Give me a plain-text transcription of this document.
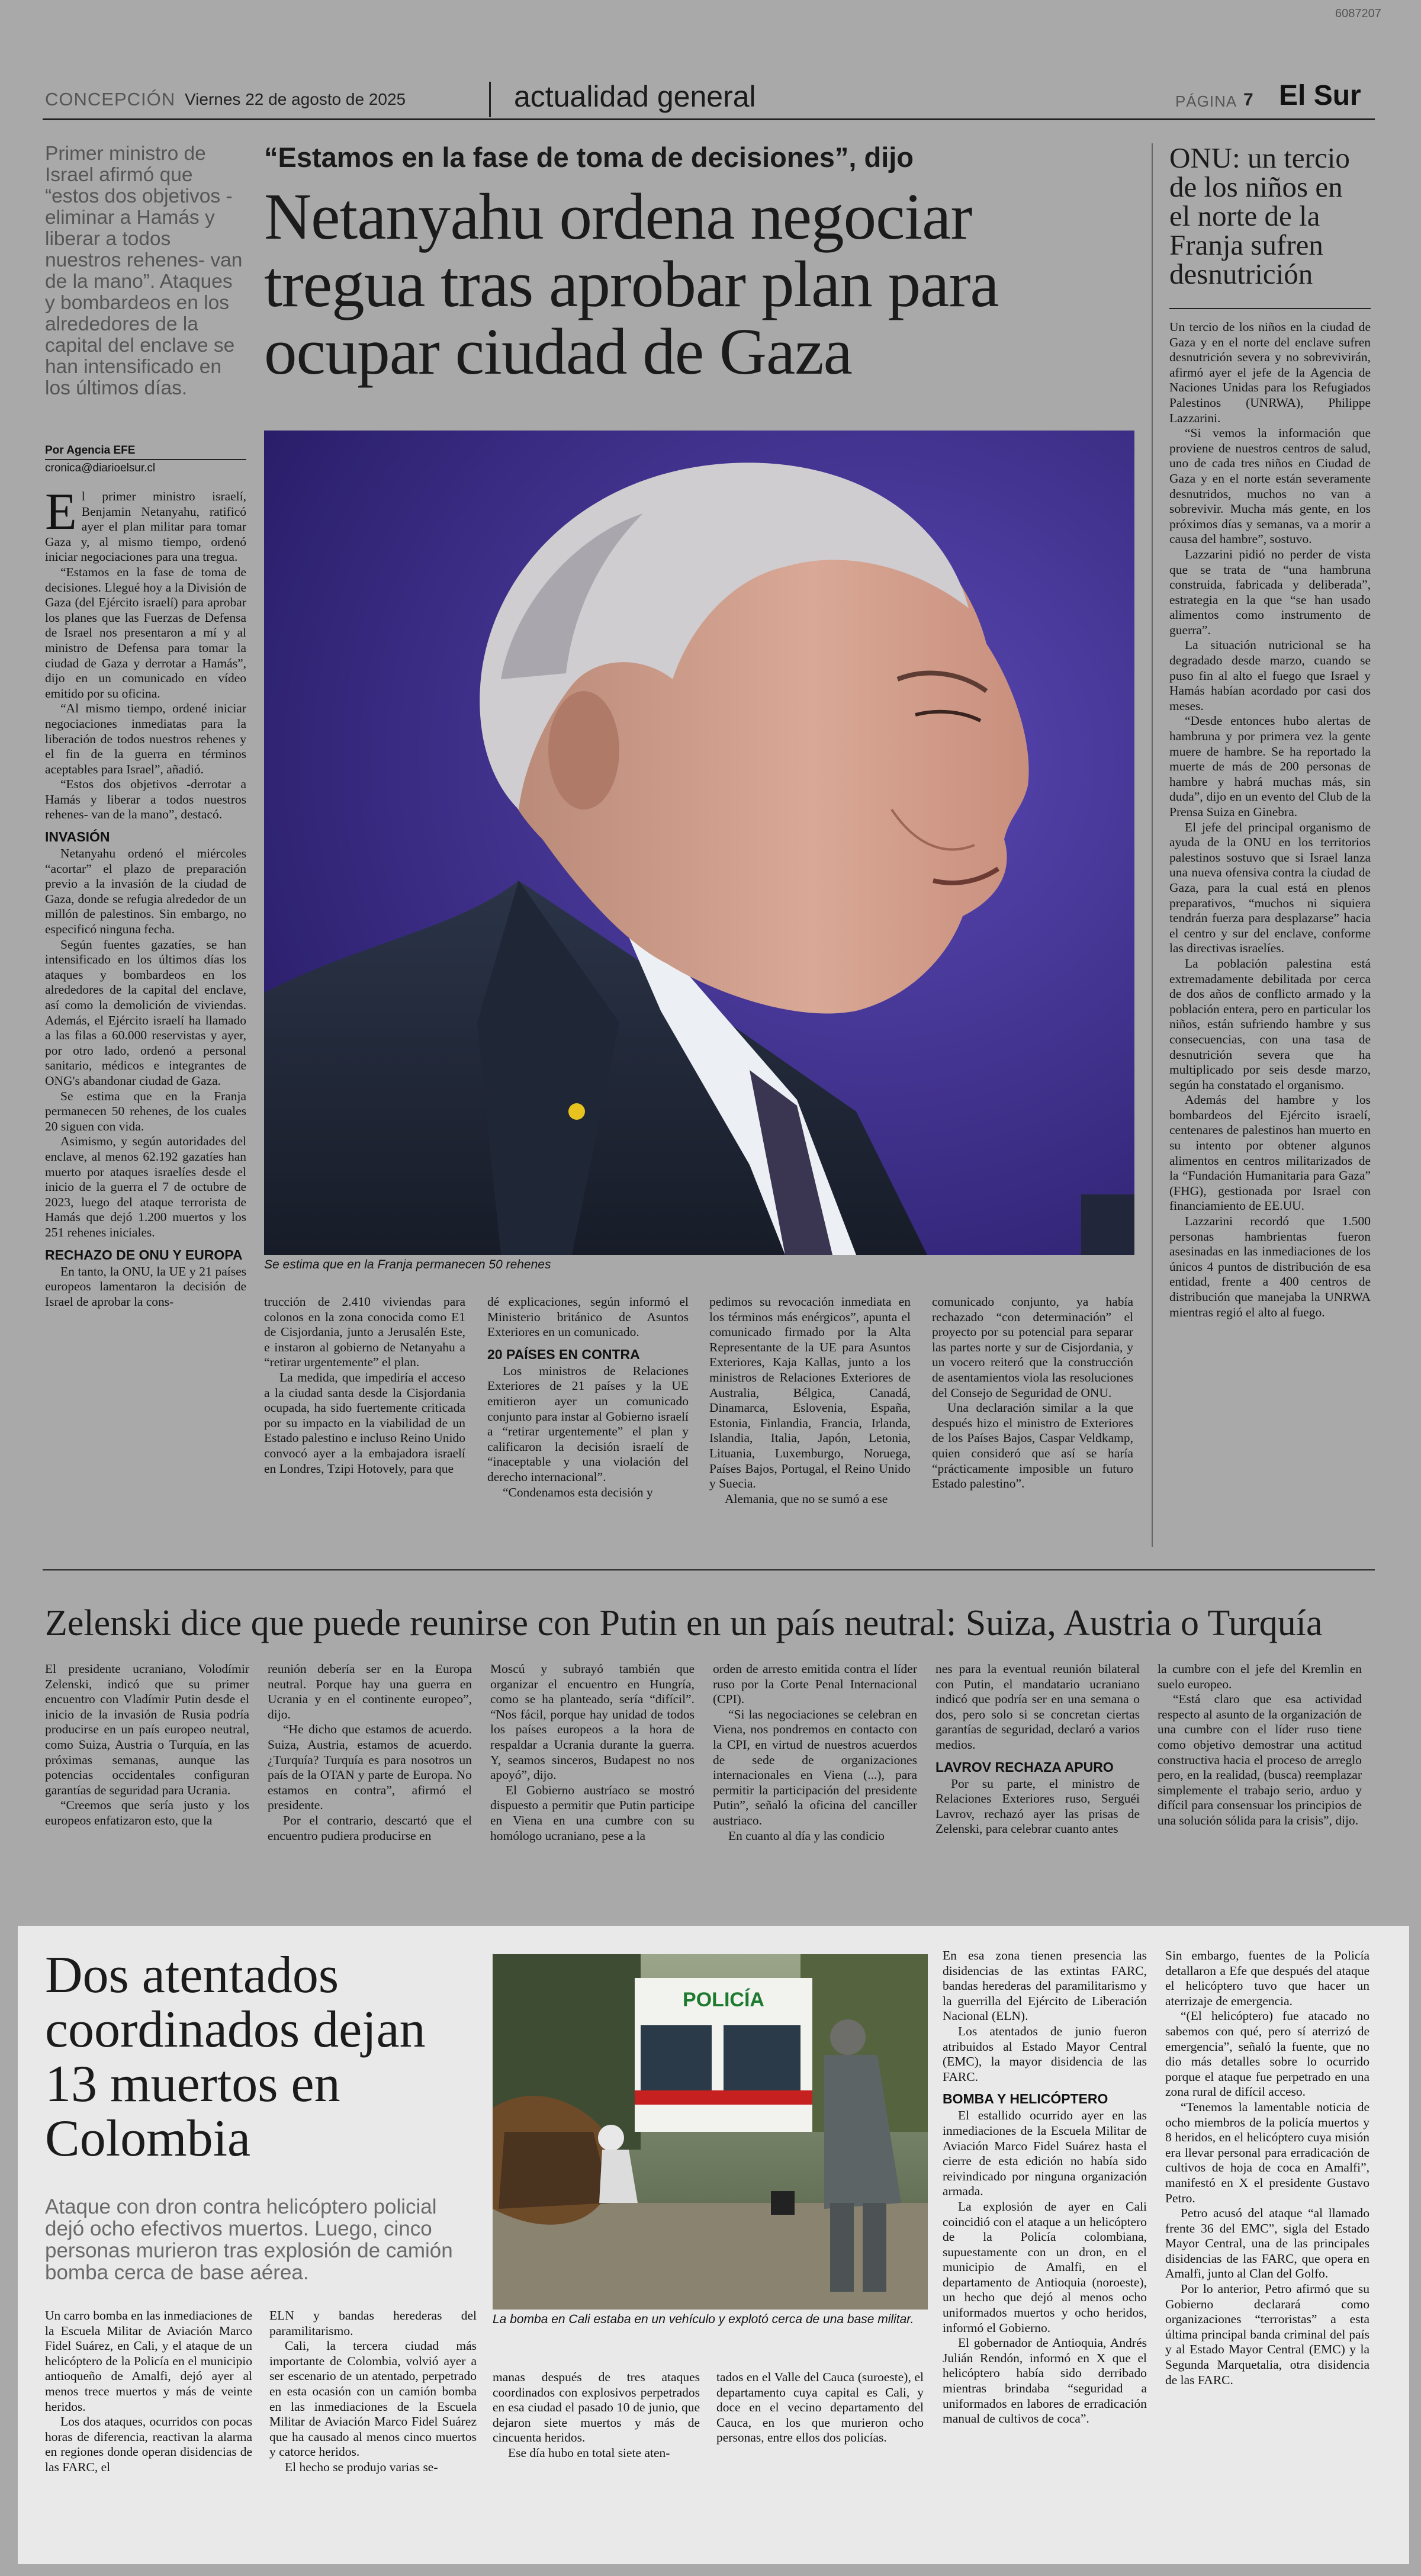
6087207
CONCEPCIÓN Viernes 22 de agosto de 2025	actualidad general	PÁGINA 7 El Sur
Primer ministro de Israel afirmó que “estos dos objetivos - eliminar a Hamás y liberar a todos nuestros rehenes- van de la mano”. Ataques y bombardeos en los alrededores de la capital del enclave se han intensificado en los últimos días.
Por Agencia EFE
cronica@diarioelsur.cl
“Estamos en la fase de toma de decisiones”, dijo
Netanyahu ordena negociar tregua tras aprobar plan para ocupar ciudad de Gaza
Se estima que en la Franja permanecen 50 rehenes

El primer ministro israelí, Benjamin Netanyahu, ratificó ayer el plan militar para tomar Gaza y, al mismo tiempo, ordenó iniciar negociaciones para una tregua.

“Estamos en la fase de toma de decisiones. Llegué hoy a la División de Gaza (del Ejército israelí) para aprobar los planes que las Fuerzas de Defensa de Israel nos presentaron a mí y al ministro de Defensa para tomar la ciudad de Gaza y derrotar a Hamás”, dijo en un comunicado en vídeo emitido por su oficina.

“Al mismo tiempo, ordené iniciar negociaciones inmediatas para la liberación de todos nuestros rehenes y el fin de la guerra en términos aceptables para Israel”, añadió.

“Estos dos objetivos -derrotar a Hamás y liberar a todos nuestros rehenes- van de la mano”, destacó.

INVASIÓN

Netanyahu ordenó el miércoles “acortar” el plazo de preparación previo a la invasión de la ciudad de Gaza, donde se refugia alrededor de un millón de palestinos. Sin embargo, no especificó ninguna fecha.

Según fuentes gazatíes, se han intensificado en los últimos días los ataques y bombardeos en los alrededores de la capital del enclave, así como la demolición de viviendas. Además, el Ejército israelí ha llamado a las filas a 60.000 reservistas y ayer, por otro lado, ordenó a personal sanitario, médicos e integrantes de ONG's abandonar ciudad de Gaza.

Se estima que en la Franja permanecen 50 rehenes, de los cuales 20 siguen con vida.

Asimismo, y según autoridades del enclave, al menos 62.192 gazatíes han muerto por ataques israelíes desde el inicio de la guerra el 7 de octubre de 2023, luego del ataque terrorista de Hamás que dejó 1.200 muertos y los 251 rehenes iniciales.

RECHAZO DE ONU Y EUROPA

En tanto, la ONU, la UE y 21 países europeos lamentaron la decisión de Israel de aprobar la cons-	trucción de 2.410 viviendas para colonos en la zona conocida como E1 de Cisjordania, junto a Jerusalén Este, e instaron al gobierno de Netanyahu a “retirar urgentemente” el plan.

La medida, que impediría el acceso a la ciudad santa desde la Cisjordania ocupada, ha sido fuertemente criticada por su impacto en la viabilidad de un Estado palestino e incluso Reino Unido convocó ayer a la embajadora israelí en Londres, Tzipi Hotovely, para que

dé explicaciones, según informó el Ministerio británico de Asuntos Exteriores en un comunicado.

20 PAÍSES EN CONTRA

Los ministros de Relaciones Exteriores de 21 países y la UE emitieron ayer un comunicado conjunto para instar al Gobierno israelí a “retirar urgentemente” el plan y calificaron la decisión israelí de “inaceptable y una violación del derecho internacional”.

“Condenamos esta decisión y

pedimos su revocación inmediata en los términos más enérgicos”, apunta el comunicado firmado por la Alta Representante de la UE para Asuntos Exteriores, Kaja Kallas, junto a los ministros de Relaciones Exteriores de Australia, Bélgica, Canadá, Dinamarca, Eslovenia, España, Estonia, Finlandia, Francia, Irlanda, Islandia, Italia, Japón, Letonia, Lituania, Luxemburgo, Noruega, Países Bajos, Portugal, el Reino Unido y Suecia.

Alemania, que no se sumó a ese

comunicado conjunto, ya había rechazado “con determinación” el proyecto por su potencial para separar las partes norte y sur de Cisjordania, y un vocero reiteró que la construcción de asentamientos viola las resoluciones del Consejo de Seguridad de ONU.

Una declaración similar a la que después hizo el ministro de Exteriores de los Países Bajos, Caspar Veldkamp, quien consideró que así se haría “prácticamente imposible un futuro Estado palestino”.

ONU: un tercio de los niños en el norte de la Franja sufren desnutrición

Un tercio de los niños en la ciudad de Gaza y en el norte del enclave sufren desnutrición severa y no sobrevivirán, afirmó ayer el jefe de la Agencia de Naciones Unidas para los Refugiados Palestinos (UNRWA), Philippe Lazzarini.

“Si vemos la información que proviene de nuestros centros de salud, uno de cada tres niños en Ciudad de Gaza y en el norte están severamente desnutridos, muchos no van a sobrevivir. Mucha más gente, en los próximos días y semanas, va a morir a causa del hambre”, sostuvo.

Lazzarini pidió no perder de vista que se trata de “una hambruna construida, fabricada y deliberada”, estrategia en la que “se han usado alimentos como instrumento de guerra”.

La situación nutricional se ha degradado desde marzo, cuando se puso fin al alto el fuego que Israel y Hamás habían acordado por casi dos meses.

“Desde entonces hubo alertas de hambruna y por primera vez la gente muere de hambre. Se ha reportado la muerte de más de 200 personas de hambre y habrá muchas más, sin duda”, dijo en un evento del Club de la Prensa Suiza en Ginebra.

El jefe del principal organismo de ayuda de la ONU en los territorios palestinos sostuvo que si Israel lanza una nueva ofensiva contra la ciudad de Gaza, para la cual está en plenos preparativos, “muchos ni siquiera tendrán fuerza para desplazarse” hacia el centro y sur del enclave, conforme las directivas israelíes.

La población palestina está extremadamente debilitada por cerca de dos años de conflicto armado y la población entera, pero en particular los niños, están sufriendo hambre y sus consecuencias, con una tasa de desnutrición severa que ha multiplicado por seis desde marzo, según ha constatado el organismo.

Además del hambre y los bombardeos del Ejército israelí, centenares de palestinos han muerto en su intento por obtener algunos alimentos en centros militarizados de la “Fundación Humanitaria para Gaza” (FHG), gestionada por Israel con financiamiento de EE.UU.

Lazzarini recordó que 1.500 personas hambrientas fueron asesinadas en las inmediaciones de los únicos 4 puntos de distribución de esa entidad, frente a 400 centros de distribución que manejaba la UNRWA mientras regió el alto al fuego.

Zelenski dice que puede reunirse con Putin en un país neutral: Suiza, Austria o Turquía

El presidente ucraniano, Volodímir Zelenski, indicó que su primer encuentro con Vladímir Putin desde el inicio de la invasión de Rusia podría producirse en un país europeo neutral, como Suiza, Austria o Turquía, en las próximas semanas, aunque las potencias occidentales configuran garantías de seguridad para Ucrania.

“Creemos que sería justo y los europeos enfatizaron esto, que la

reunión debería ser en la Europa neutral. Porque hay una guerra en Ucrania y en el continente europeo”, dijo.

“He dicho que estamos de acuerdo. Suiza, Austria, estamos de acuerdo. ¿Turquía? Turquía es para nosotros un país de la OTAN y parte de Europa. No estamos en contra”, afirmó el presidente.

Por el contrario, descartó que el encuentro pudiera producirse en

Moscú y subrayó también que organizar el encuentro en Hungría, como se ha planteado, sería “difícil”. “Nos fácil, porque hay unidad de todos los países europeos a la hora de respaldar a Ucrania durante la guerra. Y, seamos sinceros, Budapest no nos apoyó”, dijo.

El Gobierno austríaco se mostró dispuesto a permitir que Putin participe en Viena en una cumbre con su homólogo ucraniano, pese a la

orden de arresto emitida contra el líder ruso por la Corte Penal Internacional (CPI).

“Si las negociaciones se celebran en Viena, nos pondremos en contacto con la CPI, en virtud de nuestros acuerdos de sede de organizaciones internacionales en Viena (...), para permitir la participación del presidente Putin”, señaló la oficina del canciller austriaco.

En cuanto al día y las condicio

nes para la eventual reunión bilateral con Putin, el mandatario ucraniano indicó que podría ser en una semana o dos, pero solo si se concretan ciertas garantías de seguridad, declaró a varios medios.

LAVROV RECHAZA APURO

Por su parte, el ministro de Relaciones Exteriores ruso, Serguéi Lavrov, rechazó ayer las prisas de Zelenski, para celebrar cuanto antes

la cumbre con el jefe del Kremlin en suelo europeo.

“Está claro que esa actividad respecto al asunto de la organización de una cumbre con el líder ruso tiene como objetivo demostrar una actitud constructiva hacia el proceso de arreglo pero, en la realidad, (busca) reemplazar simplemente el trabajo serio, arduo y difícil para consensuar los principios de una solución sólida para la crisis”, dijo.

Dos atentados coordinados dejan 13 muertos en Colombia
Ataque con dron contra helicóptero policial dejó ocho efectivos muertos. Luego, cinco personas murieron tras explosión de camión bomba cerca de base aérea.
POLICÍA
La bomba en Cali estaba en un vehículo y explotó cerca de una base militar.

Un carro bomba en las inmediaciones de la Escuela Militar de Aviación Marco Fidel Suárez, en Cali, y el ataque de un helicóptero de la Policía en el municipio antioqueño de Amalfi, dejó ayer al menos trece muertos y más de veinte heridos.

Los dos ataques, ocurridos con pocas horas de diferencia, reactivan la alarma en regiones donde operan disidencias de las FARC, el

ELN y bandas herederas del paramilitarismo.

Cali, la tercera ciudad más importante de Colombia, volvió ayer a ser escenario de un atentado, perpetrado en esta ocasión con un camión bomba en las inmediaciones de la Escuela Militar de Aviación Marco Fidel Suárez que ha causado al menos cinco muertos y catorce heridos.

El hecho se produjo varias se-

manas después de tres ataques coordinados con explosivos perpetrados en esa ciudad el pasado 10 de junio, que dejaron siete muertos y más de cincuenta heridos.

Ese día hubo en total siete aten-

tados en el Valle del Cauca (suroeste), el departamento cuya capital es Cali, y doce en el vecino departamento del Cauca, en los que murieron ocho personas, entre ellos dos policías.

En esa zona tienen presencia las disidencias de las extintas FARC, bandas herederas del paramilitarismo y la guerrilla del Ejército de Liberación Nacional (ELN).

Los atentados de junio fueron atribuidos al Estado Mayor Central (EMC), la mayor disidencia de las FARC.

BOMBA Y HELICÓPTERO

El estallido ocurrido ayer en las inmediaciones de la Escuela Militar de Aviación Marco Fidel Suárez hasta el cierre de esta edición no había sido reivindicado por ninguna organización armada.

La explosión de ayer en Cali coincidió con el ataque a un helicóptero de la Policía colombiana, supuestamente con un dron, en el municipio de Amalfi, en el departamento de Antioquia (noroeste), un hecho que dejó al menos ocho uniformados muertos y ocho heridos, informó el Gobierno.

El gobernador de Antioquia, Andrés Julián Rendón, informó en X que el helicóptero había sido derribado mientras brindaba “seguridad a uniformados en labores de erradicación manual de cultivos de coca”.

Sin embargo, fuentes de la Policía detallaron a Efe que después del ataque el helicóptero tuvo que hacer un aterrizaje de emergencia.

“(El helicóptero) fue atacado no sabemos con qué, pero sí aterrizó de emergencia”, señaló la fuente, que no dio más detalles sobre lo ocurrido porque el ataque fue perpetrado en una zona rural de difícil acceso.

“Tenemos la lamentable noticia de ocho miembros de la policía muertos y 8 heridos, en el helicóptero cuya misión era llevar personal para erradicación de cultivos de hoja de coca en Amalfi”, manifestó en X el presidente Gustavo Petro.

Petro acusó del ataque “al llamado frente 36 del EMC”, sigla del Estado Mayor Central, una de las principales disidencias de las FARC, que opera en Amalfi, junto al Clan del Golfo.

Por lo anterior, Petro afirmó que su Gobierno declarará como organizaciones “terroristas” a esta última principal banda criminal del país y al Estado Mayor Central (EMC) y la Segunda Marquetalia, otra disidencia de las FARC.
